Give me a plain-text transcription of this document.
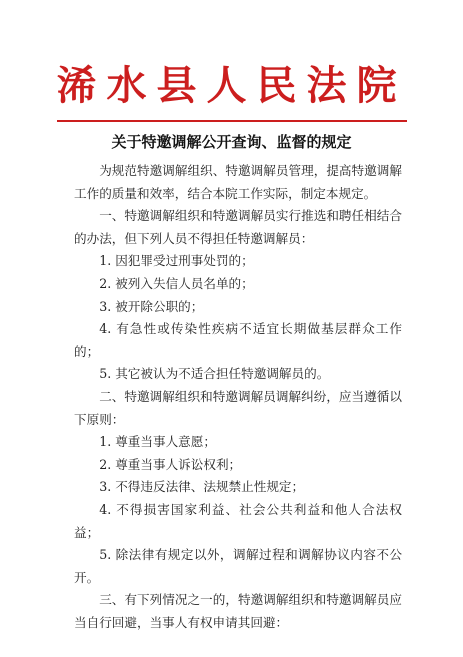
浠水县人民法院
关于特邀调解公开查询、监督的规定

为规范特邀调解组织、特邀调解员管理，提高特邀调解工作的质量和效率，结合本院工作实际，制定本规定。

一、特邀调解组织和特邀调解员实行推选和聘任相结合的办法，但下列人员不得担任特邀调解员：

1. 因犯罪受过刑事处罚的；

2. 被列入失信人员名单的；

3. 被开除公职的；

4. 有急性或传染性疾病不适宜长期做基层群众工作的；

5. 其它被认为不适合担任特邀调解员的。

二、特邀调解组织和特邀调解员调解纠纷，应当遵循以下原则：

1. 尊重当事人意愿；

2. 尊重当事人诉讼权利；

3. 不得违反法律、法规禁止性规定；

4. 不得损害国家利益、社会公共利益和他人合法权益；

5. 除法律有规定以外，调解过程和调解协议内容不公开。

三、有下列情况之一的，特邀调解组织和特邀调解员应当自行回避，当事人有权申请其回避：
